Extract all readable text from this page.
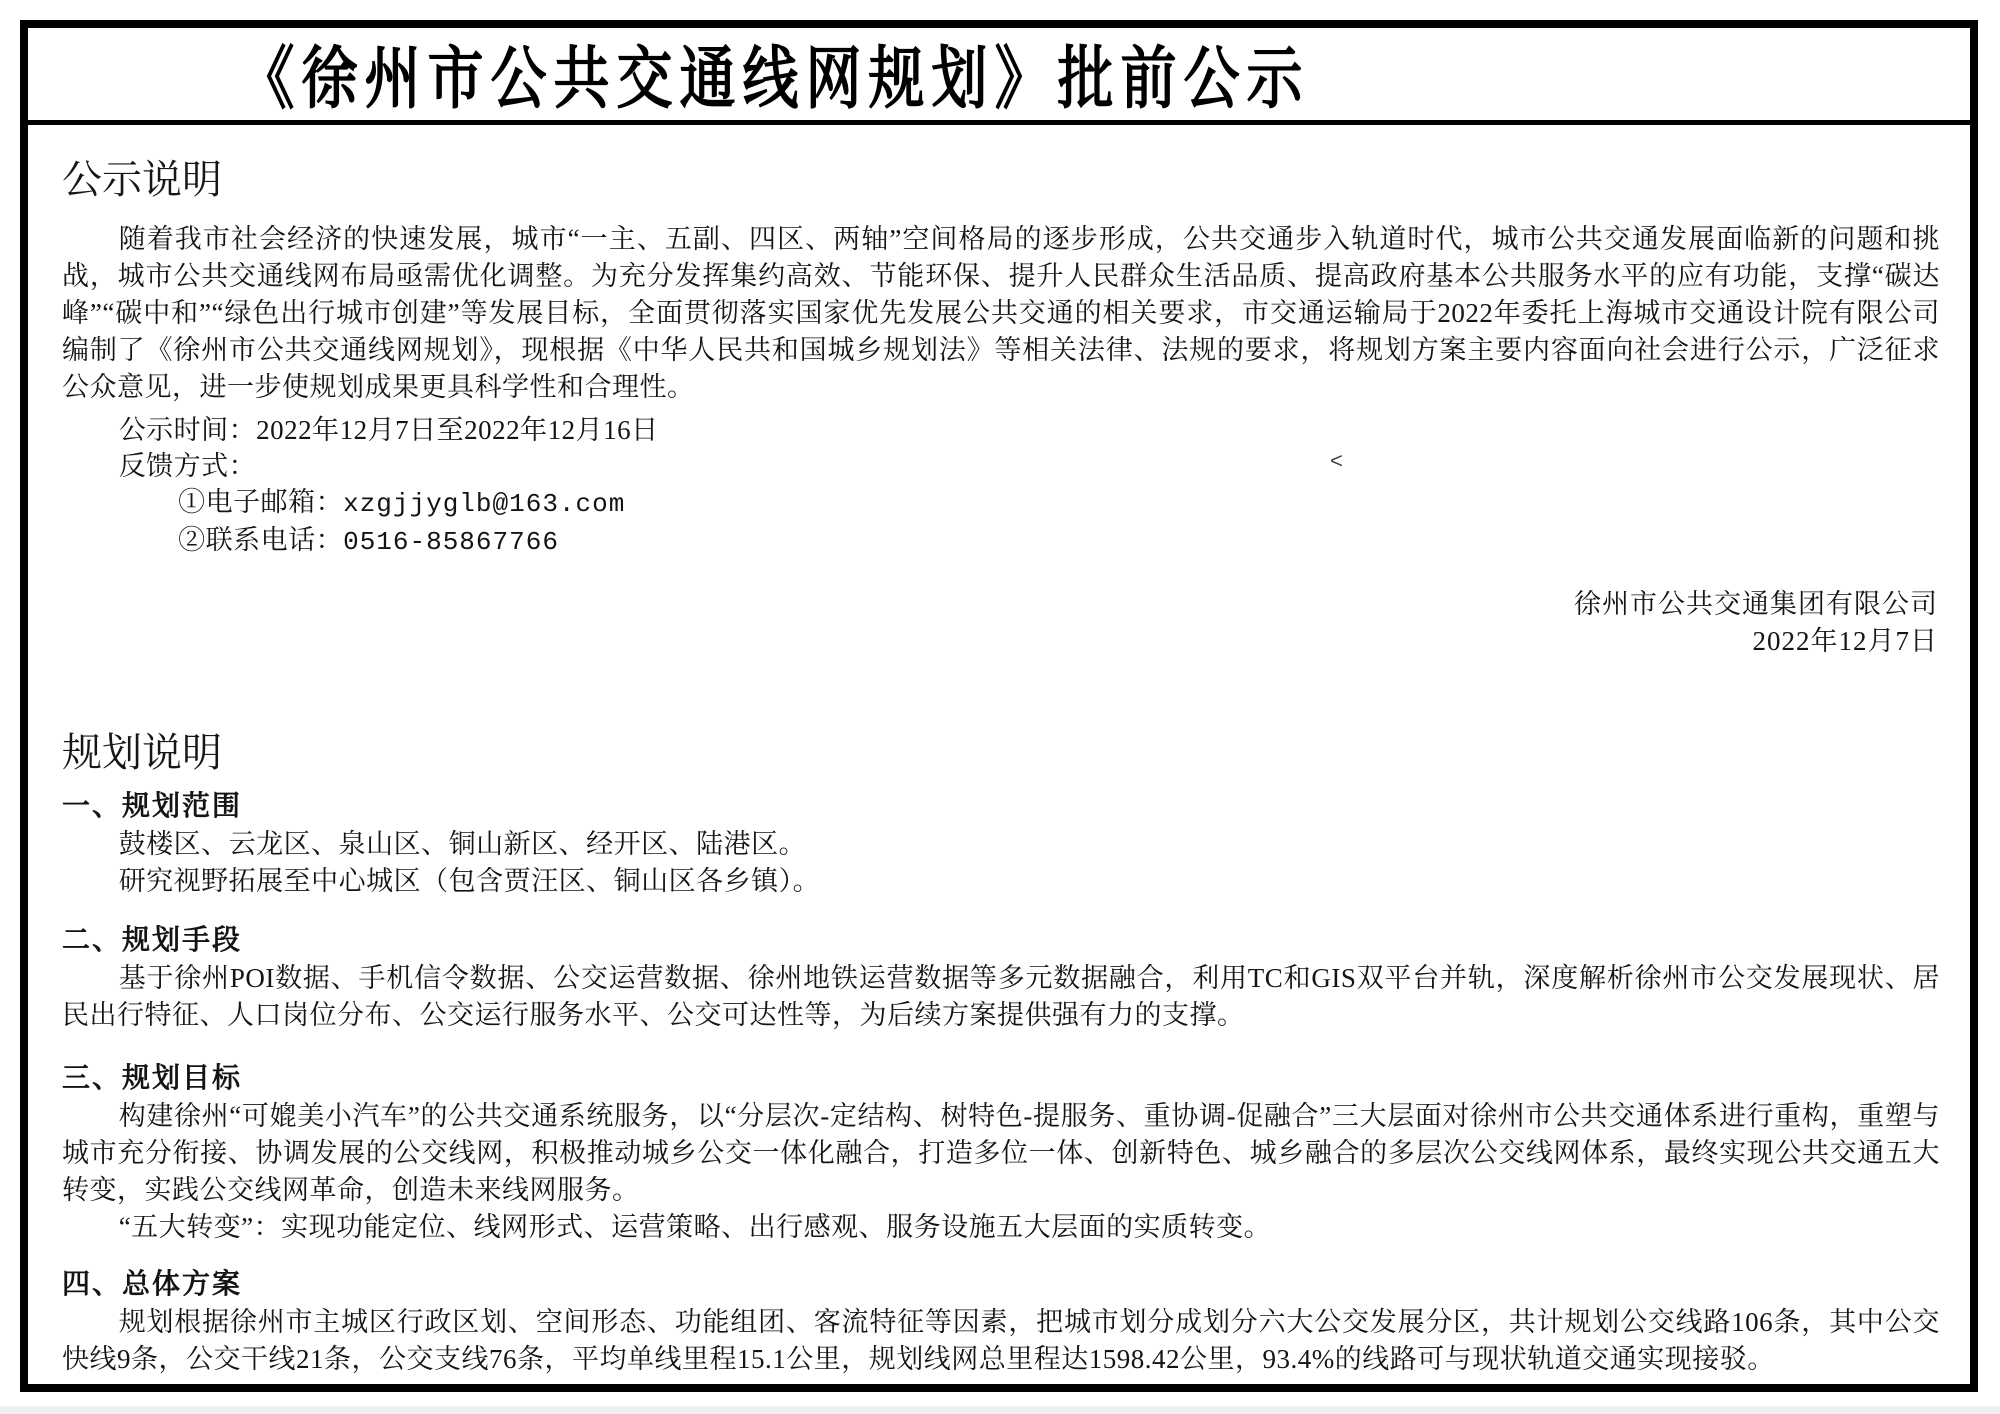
《徐州市公共交通线网规划》批前公示
公示说明
随着我市社会经济的快速发展，城市“一主、五副、四区、两轴”空间格局的逐步形成，公共交通步入轨道时代，城市公共交通发展面临新的问题和挑战，城市公共交通线网布局亟需优化调整。为充分发挥集约高效、节能环保、提升人民群众生活品质、提高政府基本公共服务水平的应有功能，支撑“碳达峰”“碳中和”“绿色出行城市创建”等发展目标，全面贯彻落实国家优先发展公共交通的相关要求，市交通运输局于2022年委托上海城市交通设计院有限公司编制了《徐州市公共交通线网规划》，现根据《中华人民共和国城乡规划法》等相关法律、法规的要求，将规划方案主要内容面向社会进行公示，广泛征求公众意见，进一步使规划成果更具科学性和合理性。
公示时间：2022年12月7日至2022年12月16日
反馈方式：
①电子邮箱：xzgjjyglb@163.com
②联系电话：0516-85867766
徐州市公共交通集团有限公司
2022年12月7日
规划说明
一、规划范围
鼓楼区、云龙区、泉山区、铜山新区、经开区、陆港区。
研究视野拓展至中心城区（包含贾汪区、铜山区各乡镇）。
二、规划手段
基于徐州POI数据、手机信令数据、公交运营数据、徐州地铁运营数据等多元数据融合，利用TC和GIS双平台并轨，深度解析徐州市公交发展现状、居民出行特征、人口岗位分布、公交运行服务水平、公交可达性等，为后续方案提供强有力的支撑。
三、规划目标
构建徐州“可媲美小汽车”的公共交通系统服务，以“分层次-定结构、树特色-提服务、重协调-促融合”三大层面对徐州市公共交通体系进行重构，重塑与城市充分衔接、协调发展的公交线网，积极推动城乡公交一体化融合，打造多位一体、创新特色、城乡融合的多层次公交线网体系，最终实现公共交通五大转变，实践公交线网革命，创造未来线网服务。
“五大转变”：实现功能定位、线网形式、运营策略、出行感观、服务设施五大层面的实质转变。
四、总体方案
规划根据徐州市主城区行政区划、空间形态、功能组团、客流特征等因素，把城市划分成划分六大公交发展分区，共计规划公交线路106条，其中公交快线9条，公交干线21条，公交支线76条，平均单线里程15.1公里，规划线网总里程达1598.42公里，93.4%的线路可与现状轨道交通实现接驳。
<
